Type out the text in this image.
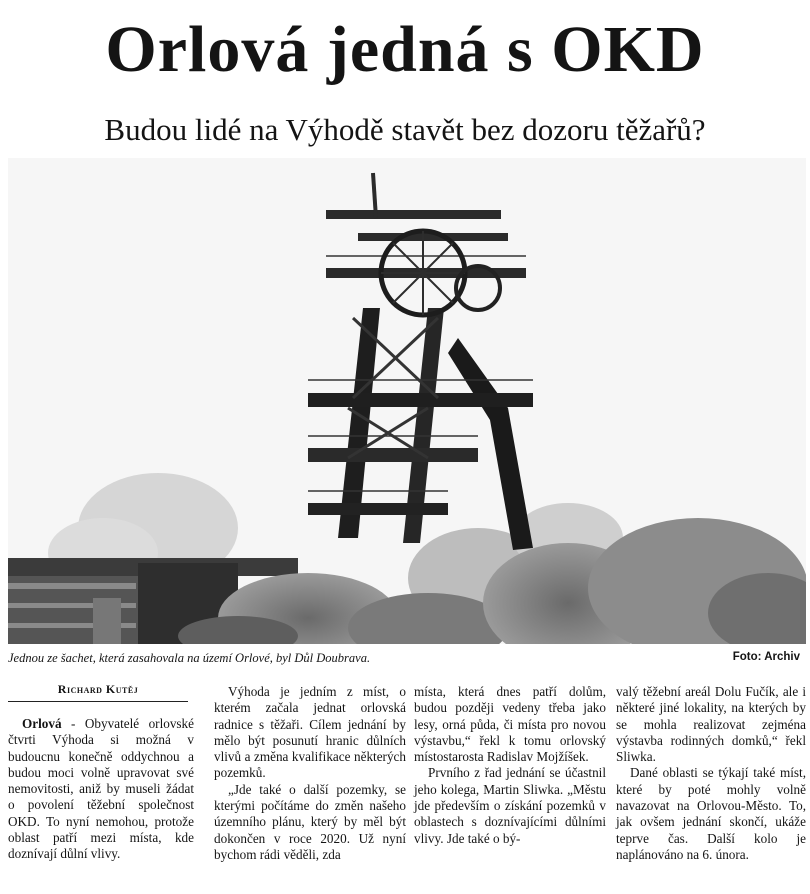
Orlová jedná s OKD
Budou lidé na Výhodě stavět bez dozoru těžařů?
Jednou ze šachet, která zasahovala na území Orlové, byl Důl Doubrava.	Foto: Archiv
Richard Kutěj

Orlová - Obyvatelé orlovské čtvrti Výhoda si možná v budoucnu konečně oddychnou a budou moci volně upravovat své nemovitosti, aniž by museli žádat o povolení těžební společnost OKD. To nyní nemohou, protože oblast patří mezi místa, kde doznívají důlní vlivy.

Výhoda je jedním z míst, o kterém začala jednat orlovská radnice s těžaři. Cílem jednání by mělo být posunutí hranic důlních vlivů a změna kvalifikace některých pozemků.

„Jde také o další pozemky, se kterými počítáme do změn našeho územního plánu, který by měl být dokončen v roce 2020. Už nyní bychom rádi věděli, zda

místa, která dnes patří dolům, budou později vedeny třeba jako lesy, orná půda, či místa pro novou výstavbu,“ řekl k tomu orlovský místostarosta Radislav Mojžíšek.

Prvního z řad jednání se účastnil jeho kolega, Martin Sliwka. „Městu jde především o získání pozemků v oblastech s doznívajícími důlními vlivy. Jde také o bý-

valý těžební areál Dolu Fučík, ale i některé jiné lokality, na kterých by se mohla realizovat zejména výstavba rodinných domků,“ řekl Sliwka.

Dané oblasti se týkají také míst, které by poté mohly volně navazovat na Orlovou-Město. To, jak ovšem jednání skončí, ukáže teprve čas. Další kolo je naplánováno na 6. února.
